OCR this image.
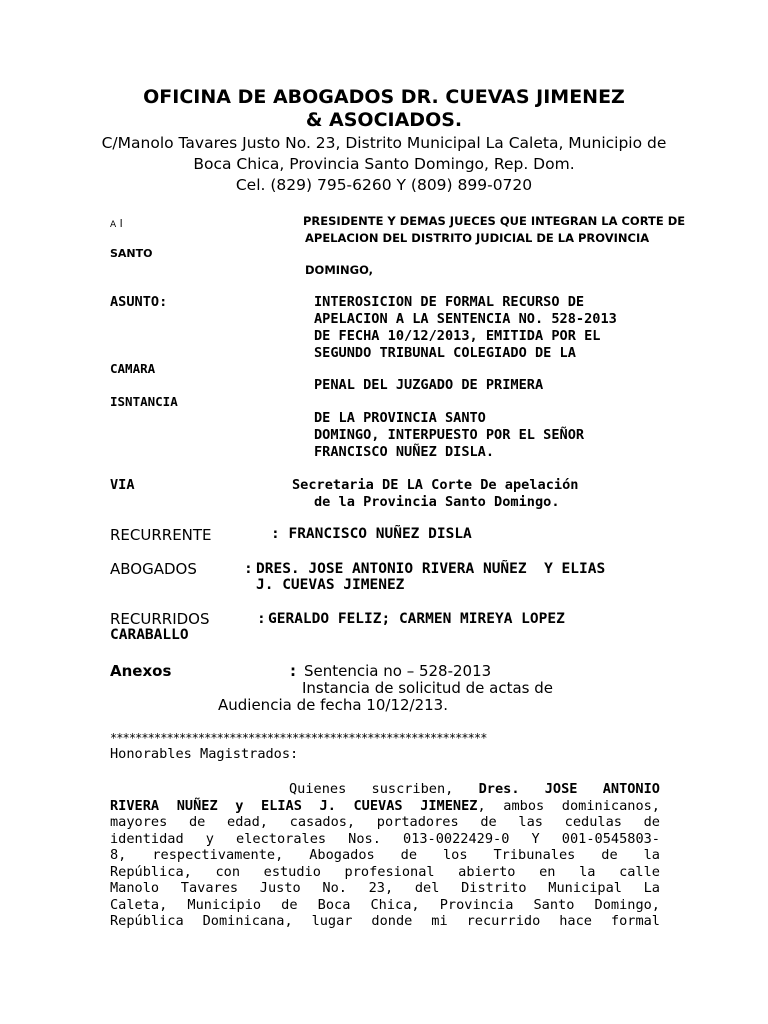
OFICINA DE ABOGADOS DR. CUEVAS JIMENEZ
& ASOCIADOS.
C/Manolo Tavares Justo No. 23, Distrito Municipal La Caleta, Municipio de
Boca Chica, Provincia Santo Domingo, Rep. Dom.
Cel. (829) 795-6260 Y (809) 899-0720
A l	PRESIDENTE Y DEMAS JUECES QUE INTEGRAN LA CORTE DE
APELACION DEL DISTRITO JUDICIAL DE LA PROVINCIA
SANTO
DOMINGO,
ASUNTO:	INTEROSICION DE FORMAL RECURSO DE
APELACION A LA SENTENCIA NO. 528-2013
DE FECHA 10/12/2013, EMITIDA POR EL
SEGUNDO TRIBUNAL COLEGIADO DE LA
CAMARA
PENAL DEL JUZGADO DE PRIMERA
ISNTANCIA
DE LA PROVINCIA SANTO
DOMINGO, INTERPUESTO POR EL SEÑOR
FRANCISCO NUÑEZ DISLA.
VIA	Secretaria DE LA Corte De apelación
de la Provincia Santo Domingo.
RECURRENTE	: FRANCISCO NUÑEZ DISLA
ABOGADOS	: DRES. JOSE ANTONIO RIVERA NUÑEZ  Y ELIAS
J. CUEVAS JIMENEZ
RECURRIDOS	: GERALDO FELIZ; CARMEN MIREYA LOPEZ
CARABALLO
Anexos	: Sentencia no – 528-2013
Instancia de solicitud de actas de
Audiencia de fecha 10/12/213.
************************************************************
Honorables Magistrados:
Quienes suscriben, Dres. JOSE ANTONIO
RIVERA NUÑEZ y ELIAS J. CUEVAS JIMENEZ, ambos dominicanos,
mayores de edad, casados, portadores de las cedulas de
identidad y electorales Nos. 013-0022429-0 Y 001-0545803-
8, respectivamente, Abogados de los Tribunales de la
República, con estudio profesional abierto en la calle
Manolo Tavares Justo No. 23, del Distrito Municipal La
Caleta, Municipio de Boca Chica, Provincia Santo Domingo,
República Dominicana, lugar donde mi recurrido hace formal
